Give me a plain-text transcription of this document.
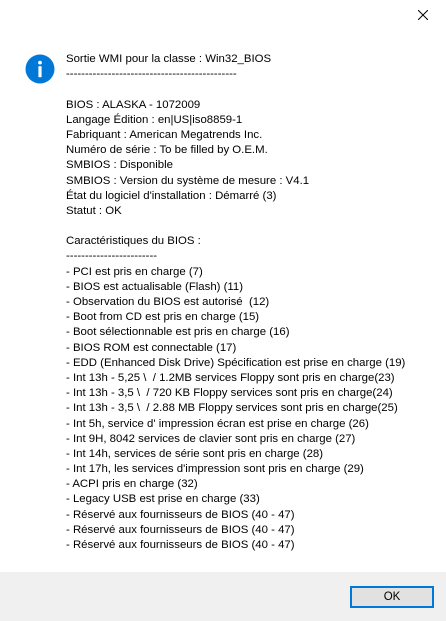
Sortie WMI pour la classe : Win32_BIOS
---------------------------------------------
BIOS : ALASKA - 1072009
Langage Édition : en|US|iso8859-1
Fabriquant : American Megatrends Inc.
Numéro de série : To be filled by O.E.M.
SMBIOS : Disponible
SMBIOS : Version du système de mesure : V4.1
État du logiciel d'installation : Démarré (3)
Statut : OK
Caractéristiques du BIOS :
------------------------
- PCI est pris en charge (7)
- BIOS est actualisable (Flash) (11)
- Observation du BIOS est autorisé  (12)
- Boot from CD est pris en charge (15)
- Boot sélectionnable est pris en charge (16)
- BIOS ROM est connectable (17)
- EDD (Enhanced Disk Drive) Spécification est prise en charge (19)
- Int 13h - 5,25 \  / 1.2MB services Floppy sont pris en charge(23)
- Int 13h - 3,5 \  / 720 KB Floppy services sont pris en charge(24)
- Int 13h - 3,5 \  / 2.88 MB Floppy services sont pris en charge(25)
- Int 5h, service d' impression écran est prise en charge (26)
- Int 9H, 8042 services de clavier sont pris en charge (27)
- Int 14h, services de série sont pris en charge (28)
- Int 17h, les services d'impression sont pris en charge (29)
- ACPI pris en charge (32)
- Legacy USB est prise en charge (33)
- Réservé aux fournisseurs de BIOS (40 - 47)
- Réservé aux fournisseurs de BIOS (40 - 47)
- Réservé aux fournisseurs de BIOS (40 - 47)
OK
